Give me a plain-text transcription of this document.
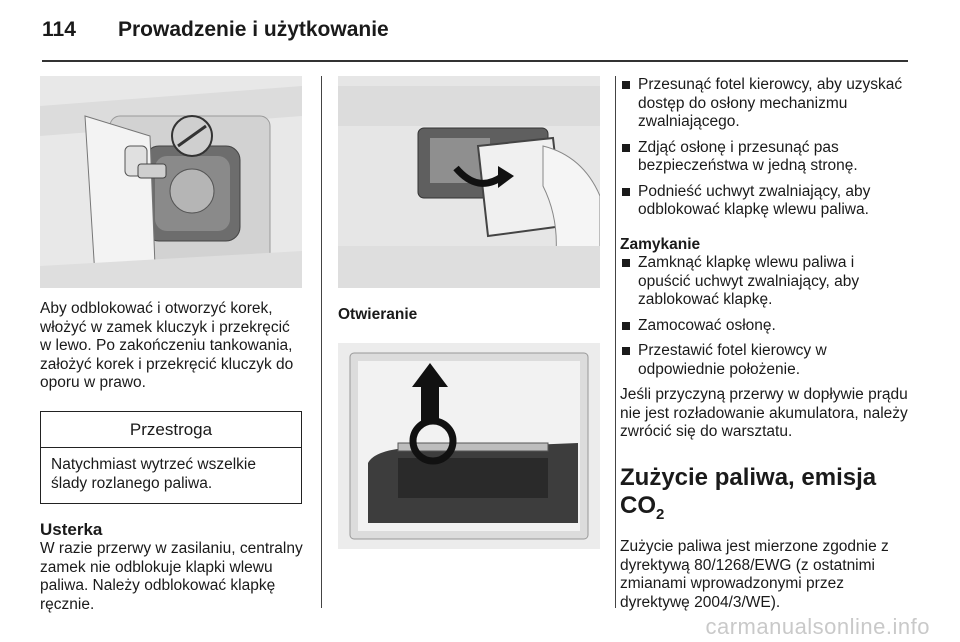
114	Prowadzenie i użytkowanie

Aby odblokować i otworzyć korek, włożyć w zamek kluczyk i przekręcić w lewo. Po zakończeniu tankowania, założyć korek i przekręcić kluczyk do oporu w prawo.

Przestroga
Natychmiast wytrzeć wszelkie ślady rozlanego paliwa.
Usterka

W razie przerwy w zasilaniu, centralny zamek nie odblokuje klapki wlewu paliwa. Należy odblokować klapkę ręcznie.

Otwieranie
Przesunąć fotel kierowcy, aby uzyskać dostęp do osłony mechanizmu zwalniającego.
Zdjąć osłonę i przesunąć pas bezpieczeństwa w jedną stronę.
Podnieść uchwyt zwalniający, aby odblokować klapkę wlewu paliwa.
Zamykanie
Zamknąć klapkę wlewu paliwa i opuścić uchwyt zwalniający, aby zablokować klapkę.
Zamocować osłonę.
Przestawić fotel kierowcy w odpowiednie położenie.

Jeśli przyczyną przerwy w dopływie prądu nie jest rozładowanie akumulatora, należy zwrócić się do warsztatu.

Zużycie paliwa, emisja $CO_2$

Zużycie paliwa jest mierzone zgodnie z dyrektywą 80/1268/EWG (z ostatnimi zmianami wprowadzonymi przez dyrektywę 2004/3/WE).

carmanualsonline.info
